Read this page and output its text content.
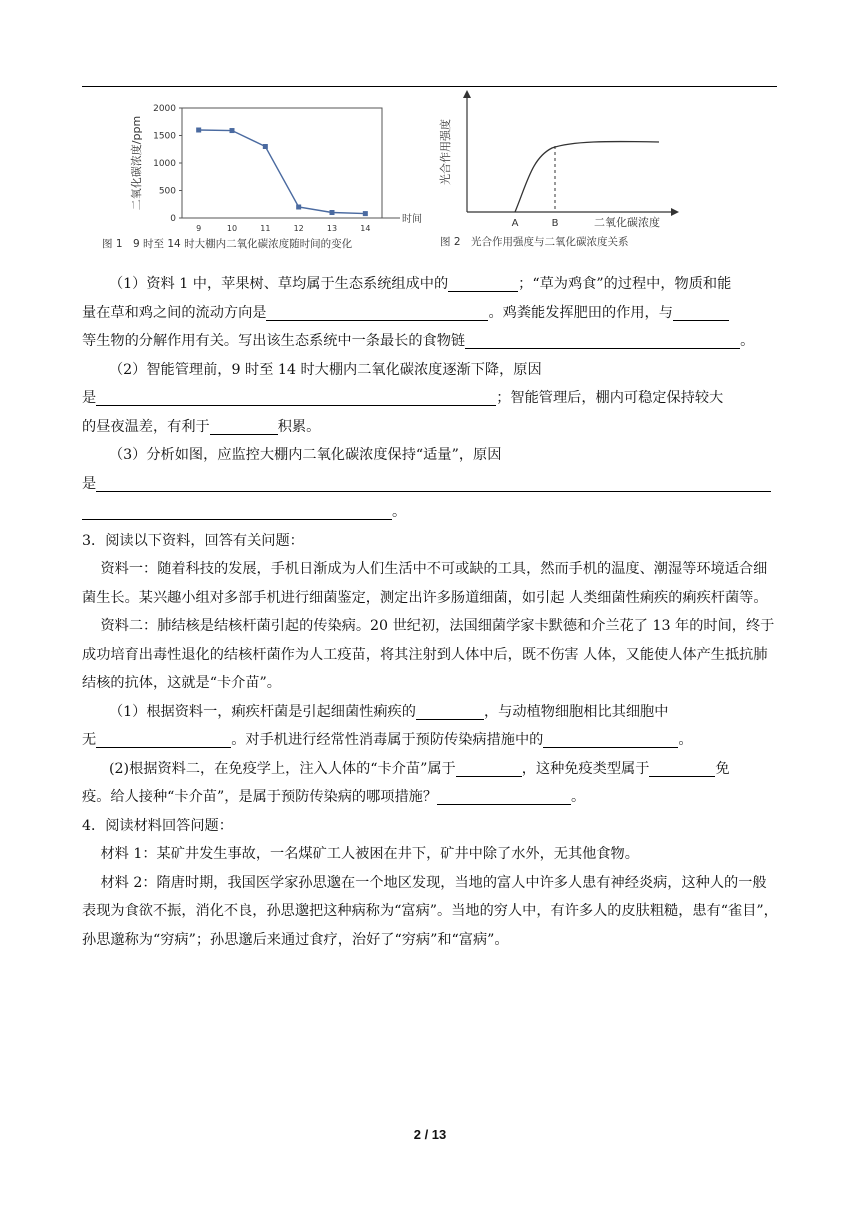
0
500
1000
1500
2000
9	10	11	12	13	14
时间
二氧化碳浓度/ppm
图 1　9 时至 14 时大棚内二氧化碳浓度随时间的变化
A	B	二氧化碳浓度
光合作用强度
图 2　光合作用强度与二氧化碳浓度关系

（1）资料 1 中，苹果树、草均属于生态系统组成中的	；“草为鸡食”的过程中，物质和能

量在草和鸡之间的流动方向是	。鸡粪能发挥肥田的作用，与

等生物的分解作用有关。写出该生态系统中一条最长的食物链	。

（2）智能管理前，9 时至 14 时大棚内二氧化碳浓度逐渐下降，原因

是	；智能管理后，棚内可稳定保持较大

的昼夜温差，有利于	积累。

（3）分析如图，应监控大棚内二氧化碳浓度保持“适量”，原因

是

。

3．阅读以下资料，回答有关问题：

资料一：随着科技的发展，手机日渐成为人们生活中不可或缺的工具，然而手机的温度、潮湿等环境适合细菌生长。某兴趣小组对多部手机进行细菌鉴定，测定出许多肠道细菌，如引起 人类细菌性痢疾的痢疾杆菌等。

资料二：肺结核是结核杆菌引起的传染病。20 世纪初，法国细菌学家卡默德和介兰花了 13 年的时间，终于成功培育出毒性退化的结核杆菌作为人工疫苗，将其注射到人体中后，既不伤害 人体，又能使人体产生抵抗肺结核的抗体，这就是“卡介苗”。

（1）根据资料一，痢疾杆菌是引起细菌性痢疾的	，与动植物细胞相比其细胞中

无	。对手机进行经常性消毒属于预防传染病措施中的	。

(2)根据资料二，在免疫学上，注入人体的“卡介苗”属于	，这种免疫类型属于	免

疫。给人接种“卡介苗”，是属于预防传染病的哪项措施？	。

4．阅读材料回答问题：

材料 1：某矿井发生事故，一名煤矿工人被困在井下，矿井中除了水外，无其他食物。

材料 2：隋唐时期，我国医学家孙思邈在一个地区发现，当地的富人中许多人患有神经炎病，这种人的一般表现为食欲不振，消化不良，孙思邈把这种病称为“富病”。当地的穷人中，有许多人的皮肤粗糙，患有“雀目”，孙思邈称为“穷病”；孙思邈后来通过食疗，治好了“穷病”和“富病”。

2 / 13
